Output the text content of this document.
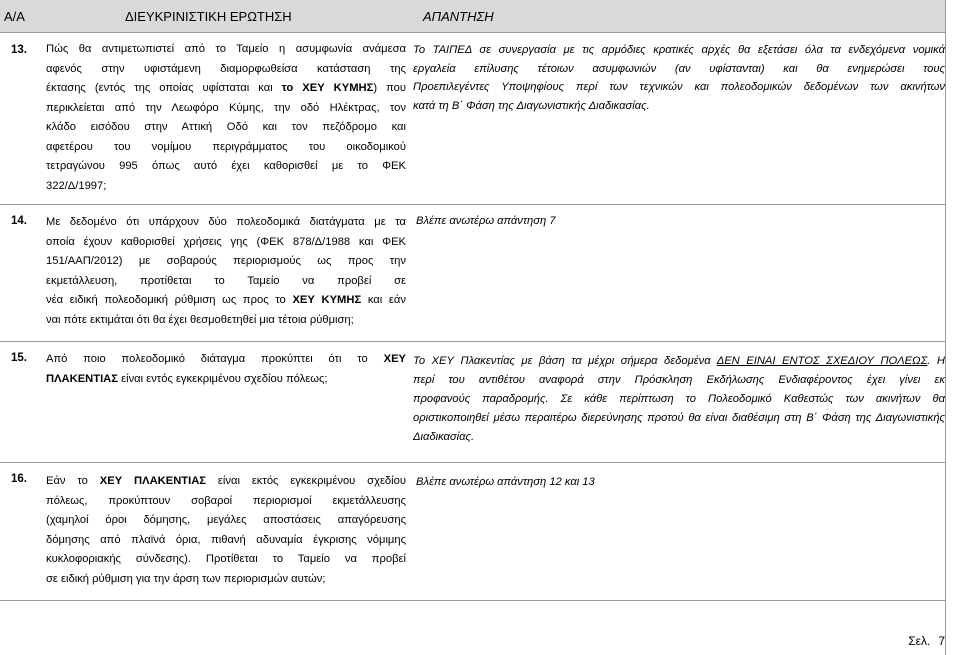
Α/Α	ΔΙΕΥΚΡΙΝΙΣΤΙΚΗ ΕΡΩΤΗΣΗ	ΑΠΑΝΤΗΣΗ
13. Πώς θα αντιμετωπιστεί από το Ταμείο η ασυμφωνία ανάμεσα

αφενός στην υφιστάμενη διαμορφωθείσα κατάσταση της

έκτασης (εντός της οποίας υφίσταται και το ΧΕΥ ΚΥΜΗΣ) που

περικλείεται από την Λεωφόρο Κύμης, την οδό Ηλέκτρας, τον

κλάδο εισόδου στην Αττική Οδό και τον πεζόδρομο και

αφετέρου του νομίμου περιγράμματος του οικοδομικού

τετραγώνου 995 όπως αυτό έχει καθορισθεί με το ΦΕΚ

322/Δ/1997;

Το ΤΑΙΠΕΔ σε συνεργασία με τις αρμόδιες κρατικές αρχές θα εξετάσει όλα τα ενδεχόμενα νομικά

εργαλεία επίλυσης τέτοιων ασυμφωνιών (αν υφίστανται) και θα ενημερώσει τους

Προεπιλεγέντες Υποψηφίους περί των τεχνικών και πολεοδομικών δεδομένων των ακινήτων

κατά τη Β΄ Φάση της Διαγωνιστικής Διαδικασίας.

14. Με δεδομένο ότι υπάρχουν δύο πολεοδομικά διατάγματα με τα

οποία έχουν καθορισθεί χρήσεις γης (ΦΕΚ 878/Δ/1988 και ΦΕΚ

151/ΑΑΠ/2012) με σοβαρούς περιορισμούς ως προς την

εκμετάλλευση, προτίθεται το Ταμείο να προβεί σε

νέα ειδική πολεοδομική ρύθμιση ως προς το ΧΕΥ ΚΥΜΗΣ και εάν

ναι πότε εκτιμάται ότι θα έχει θεσμοθετηθεί μια τέτοια ρύθμιση;

Βλέπε ανωτέρω απάντηση 7

15. Από ποιο πολεοδομικό διάταγμα προκύπτει ότι το ΧΕΥ

ΠΛΑΚΕΝΤΙΑΣ είναι εντός εγκεκριμένου σχεδίου πόλεως;

Το ΧΕΥ Πλακεντίας με βάση τα μέχρι σήμερα δεδομένα ΔΕΝ ΕΙΝΑΙ ΕΝΤΟΣ ΣΧΕΔΙΟΥ ΠΟΛΕΩΣ. Η

περί του αντιθέτου αναφορά στην Πρόσκληση Εκδήλωσης Ενδιαφέροντος έχει γίνει εκ

προφανούς παραδρομής. Σε κάθε περίπτωση το Πολεοδομικό Καθεστώς των ακινήτων θα

οριστικοποιηθεί μέσω περαιτέρω διερεύνησης προτού θα είναι διαθέσιμη στη Β΄ Φάση της Διαγωνιστικής

Διαδικασίας.

16. Εάν το ΧΕΥ ΠΛΑΚΕΝΤΙΑΣ είναι εκτός εγκεκριμένου σχεδίου

πόλεως, προκύπτουν σοβαροί περιορισμοί εκμετάλλευσης

(χαμηλοί όροι δόμησης, μεγάλες αποστάσεις απαγόρευσης

δόμησης από πλαϊνά όρια, πιθανή αδυναμία έγκρισης νόμιμης

κυκλοφοριακής σύνδεσης). Προτίθεται το Ταμείο να προβεί

σε ειδική ρύθμιση για την άρση των περιορισμών αυτών;

Βλέπε ανωτέρω απάντηση 12 και 13

Σελ. 7
